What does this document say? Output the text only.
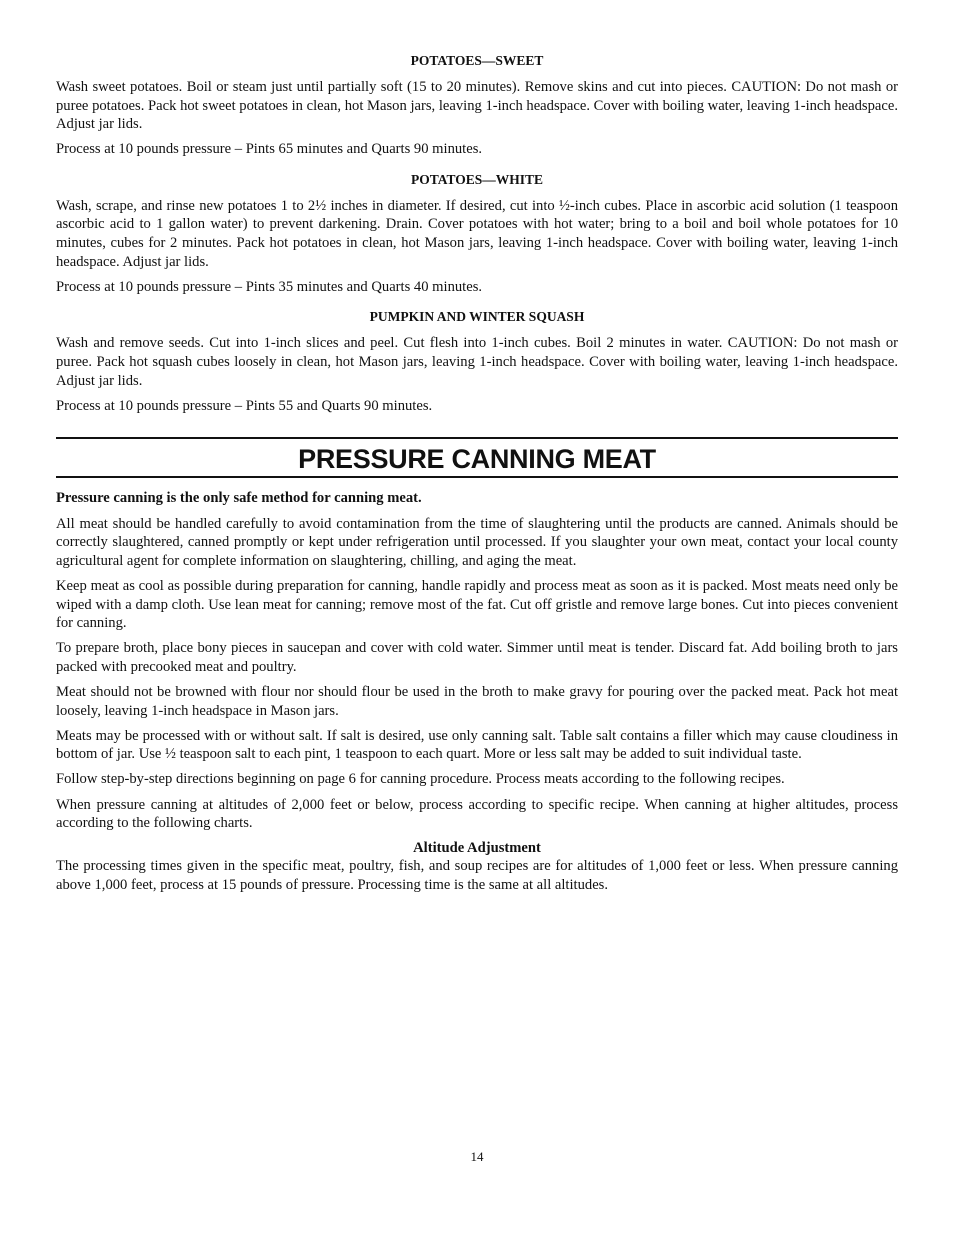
POTATOES—SWEET

Wash sweet potatoes. Boil or steam just until partially soft (15 to 20 minutes). Remove skins and cut into pieces. CAUTION: Do not mash or puree potatoes. Pack hot sweet potatoes in clean, hot Mason jars, leaving 1-inch headspace. Cover with boiling water, leaving 1-inch headspace. Adjust jar lids.

Process at 10 pounds pressure – Pints 65 minutes and Quarts 90 minutes.

POTATOES—WHITE

Wash, scrape, and rinse new potatoes 1 to 2½ inches in diameter. If desired, cut into ½-inch cubes. Place in ascorbic acid solution (1 teaspoon ascorbic acid to 1 gallon water) to prevent darkening. Drain. Cover potatoes with hot water; bring to a boil and boil whole potatoes for 10 minutes, cubes for 2 minutes. Pack hot potatoes in clean, hot Mason jars, leaving 1-inch headspace. Cover with boiling water, leaving 1-inch headspace. Adjust jar lids.

Process at 10 pounds pressure – Pints 35 minutes and Quarts 40 minutes.

PUMPKIN AND WINTER SQUASH

Wash and remove seeds. Cut into 1-inch slices and peel. Cut flesh into 1-inch cubes. Boil 2 minutes in water. CAUTION: Do not mash or puree. Pack hot squash cubes loosely in clean, hot Mason jars, leaving 1-inch headspace. Cover with boiling water, leaving 1-inch headspace. Adjust jar lids.

Process at 10 pounds pressure – Pints 55 and Quarts 90 minutes.

PRESSURE CANNING MEAT

Pressure canning is the only safe method for canning meat.

All meat should be handled carefully to avoid contamination from the time of slaughtering until the products are canned. Animals should be correctly slaughtered, canned promptly or kept under refrigeration until processed. If you slaughter your own meat, contact your local county agricultural agent for complete information on slaughtering, chilling, and aging the meat.

Keep meat as cool as possible during preparation for canning, handle rapidly and process meat as soon as it is packed. Most meats need only be wiped with a damp cloth. Use lean meat for canning; remove most of the fat. Cut off gristle and remove large bones. Cut into pieces convenient for canning.

To prepare broth, place bony pieces in saucepan and cover with cold water. Simmer until meat is tender. Discard fat. Add boiling broth to jars packed with precooked meat and poultry.

Meat should not be browned with flour nor should flour be used in the broth to make gravy for pouring over the packed meat. Pack hot meat loosely, leaving 1-inch headspace in Mason jars.

Meats may be processed with or without salt. If salt is desired, use only canning salt. Table salt contains a filler which may cause cloudiness in bottom of jar. Use ½ teaspoon salt to each pint, 1 teaspoon to each quart. More or less salt may be added to suit individual taste.

Follow step-by-step directions beginning on page 6 for canning procedure. Process meats according to the following recipes.

When pressure canning at altitudes of 2,000 feet or below, process according to specific recipe. When canning at higher altitudes, process according to the following charts.

Altitude Adjustment

The processing times given in the specific meat, poultry, fish, and soup recipes are for altitudes of 1,000 feet or less. When pressure canning above 1,000 feet, process at 15 pounds of pressure. Processing time is the same at all altitudes.

14
